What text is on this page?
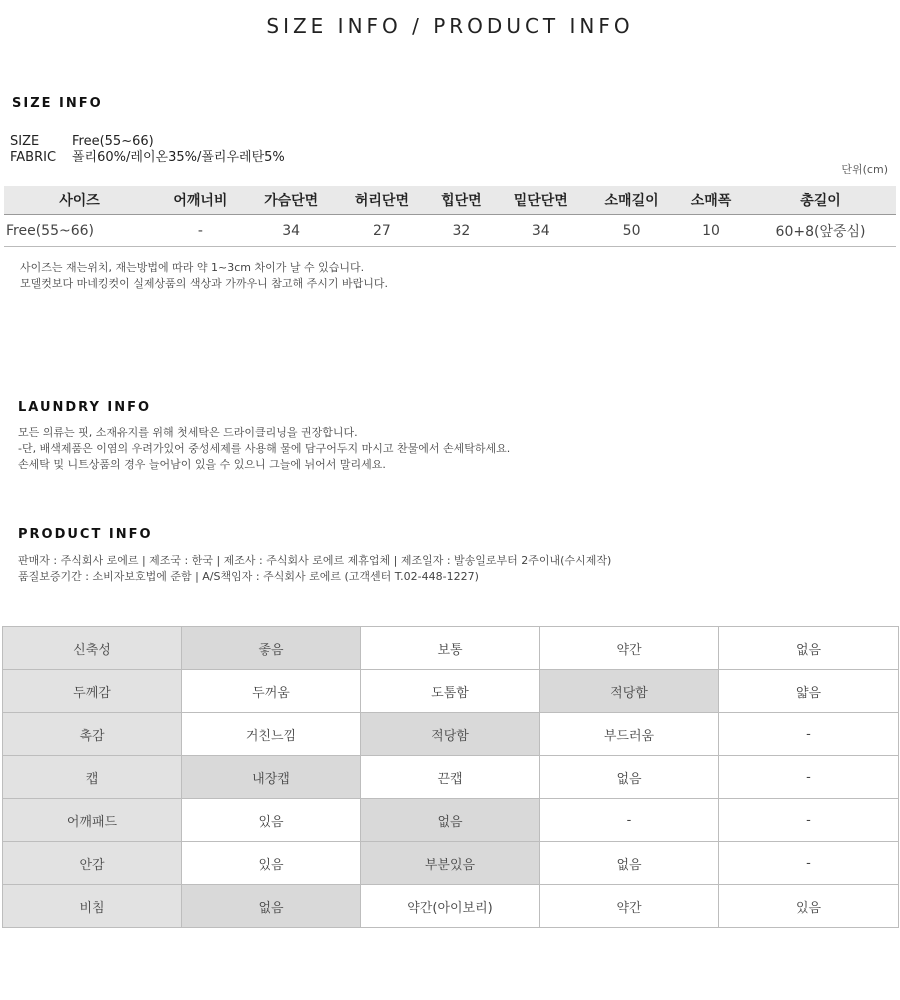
SIZE INFO / PRODUCT INFO
SIZE INFO
SIZE	Free(55~66)
FABRIC	폴리60%/레이온35%/폴리우레탄5%
단위(cm)
사이즈	어깨너비	가슴단면	허리단면	힙단면	밑단단면	소매길이	소매폭	총길이
Free(55~66)	-	34	27	32	34	50	10	60+8(앞중심)

사이즈는 재는위치, 재는방법에 따라 약 1~3cm 차이가 날 수 있습니다.

모델컷보다 마네킹컷이 실제상품의 색상과 가까우니 참고해 주시기 바랍니다.

LAUNDRY INFO

모든 의류는 핏, 소재유지를 위해 첫세탁은 드라이클리닝을 권장합니다.

-단, 배색제품은 이염의 우려가있어 중성세제를 사용해 물에 담구어두지 마시고 찬물에서 손세탁하세요.

손세탁 및 니트상품의 경우 늘어남이 있을 수 있으니 그늘에 뉘어서 말리세요.

PRODUCT INFO

판매자 : 주식회사 로에르 | 제조국 : 한국 | 제조사 : 주식회사 로에르 제휴업체 | 제조일자 : 발송일로부터 2주이내(수시제작)

품질보증기간 : 소비자보호법에 준함 | A/S책임자 : 주식회사 로에르 (고객센터 T.02-448-1227)

신축성	좋음	보통	약간	없음
두께감	두꺼움	도톰함	적당함	얇음
촉감	거친느낌	적당함	부드러움	-
캡	내장캡	끈캡	없음	-
어깨패드	있음	없음	-	-
안감	있음	부분있음	없음	-
비침	없음	약간(아이보리)	약간	있음
